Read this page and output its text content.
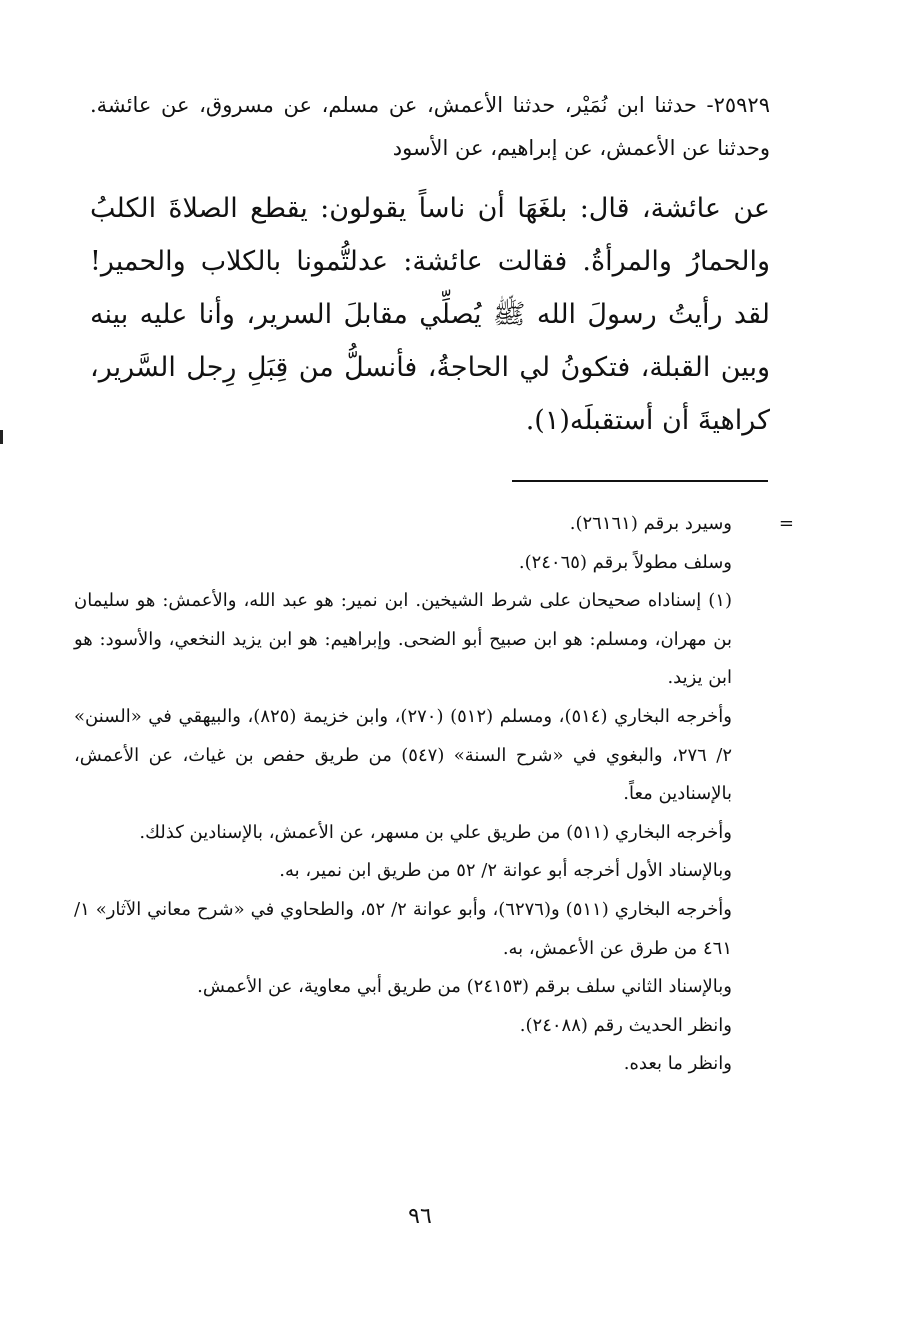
٢٥٩٢٩- حدثنا ابن نُمَيْر، حدثنا الأعمش، عن مسلم، عن مسروق، عن عائشة. وحدثنا عن الأعمش، عن إبراهيم، عن الأسود
عن عائشة، قال: بلغَهَا أن ناساً يقولون: يقطع الصلاةَ الكلبُ والحمارُ والمرأةُ. فقالت عائشة: عدلتُّمونا بالكلاب والحمير! لقد رأيتُ رسولَ الله ﷺ يُصلِّي مقابلَ السرير، وأنا عليه بينه وبين القبلة، فتكونُ لي الحاجةُ، فأنسلُّ من قِبَلِ رِجل السَّرير، كراهيةَ أن أستقبلَه(١).
=
وسيرد برقم (٢٦١٦١).
وسلف مطولاً برقم (٢٤٠٦٥).
(١) إسناداه صحيحان على شرط الشيخين. ابن نمير: هو عبد الله، والأعمش: هو سليمان بن مهران، ومسلم: هو ابن صبيح أبو الضحى. وإبراهيم: هو ابن يزيد النخعي، والأسود: هو ابن يزيد.
وأخرجه البخاري (٥١٤)، ومسلم (٥١٢) (٢٧٠)، وابن خزيمة (٨٢٥)، والبيهقي في «السنن» ٢/ ٢٧٦، والبغوي في «شرح السنة» (٥٤٧) من طريق حفص بن غياث، عن الأعمش، بالإسنادين معاً.
وأخرجه البخاري (٥١١) من طريق علي بن مسهر، عن الأعمش، بالإسنادين كذلك.
وبالإسناد الأول أخرجه أبو عوانة ٢/ ٥٢ من طريق ابن نمير، به.
وأخرجه البخاري (٥١١) و(٦٢٧٦)، وأبو عوانة ٢/ ٥٢، والطحاوي في «شرح معاني الآثار» ١/ ٤٦١ من طرق عن الأعمش، به.
وبالإسناد الثاني سلف برقم (٢٤١٥٣) من طريق أبي معاوية، عن الأعمش.
وانظر الحديث رقم (٢٤٠٨٨).
وانظر ما بعده.
٩٦
